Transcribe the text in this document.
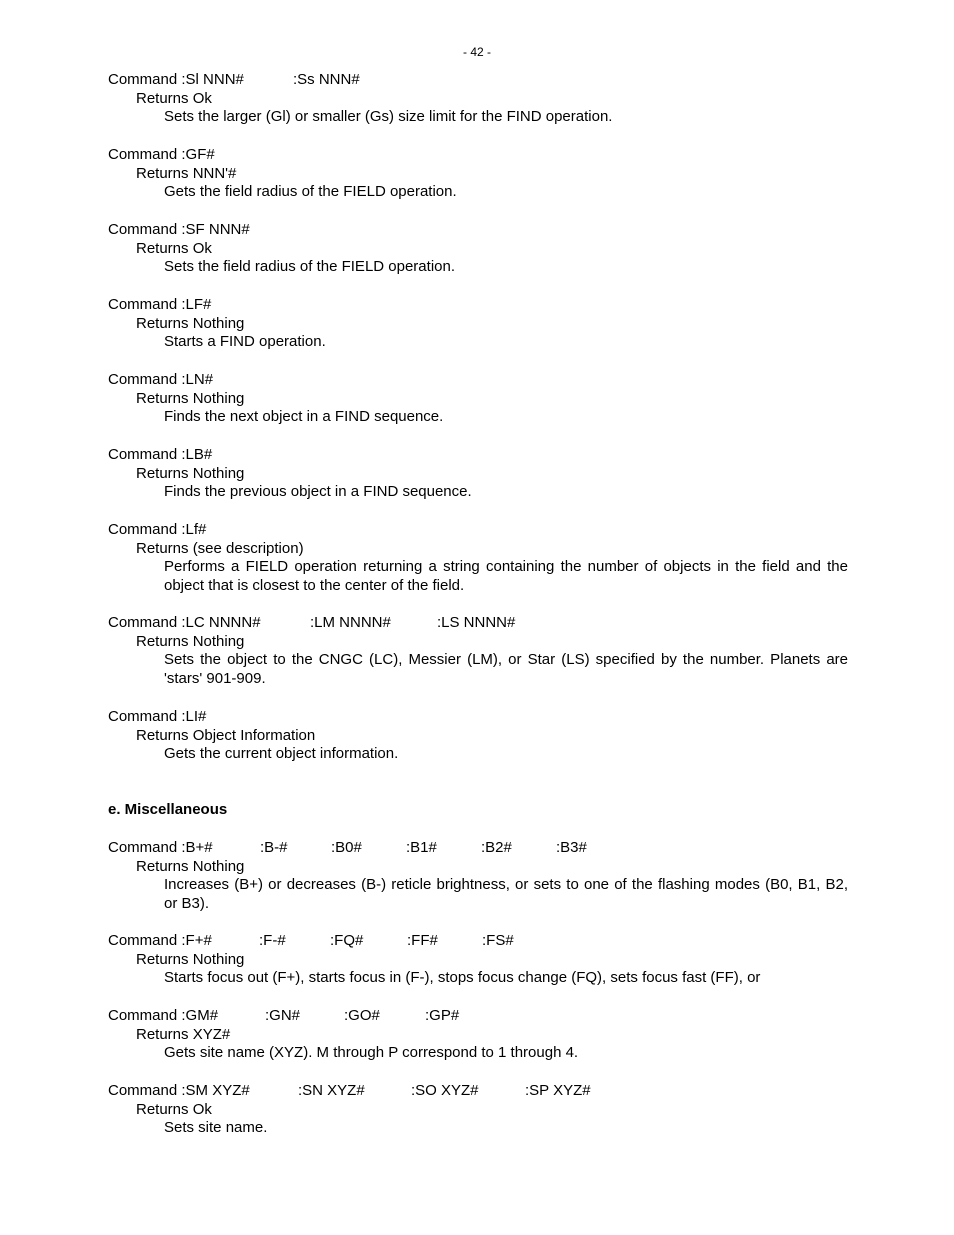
- 42 -
Command :Sl NNN#	:Ss NNN#
Returns Ok
Sets the larger (Gl) or smaller (Gs) size limit for the FIND operation.
Command :GF#
Returns NNN'#
Gets the field radius of the FIELD operation.
Command :SF NNN#
Returns Ok
Sets the field radius of the FIELD operation.
Command :LF#
Returns Nothing
Starts a FIND operation.
Command :LN#
Returns Nothing
Finds the next object in a FIND sequence.
Command :LB#
Returns Nothing
Finds the previous object in a FIND sequence.
Command :Lf#
Returns (see description)
Performs a FIELD operation returning a string containing the number of objects in the field and the object that is closest to the center of the field.
Command :LC NNNN#	:LM NNNN#	:LS NNNN#
Returns Nothing
Sets the object to the CNGC (LC), Messier (LM), or Star (LS) specified by the number. Planets are 'stars' 901-909.
Command :LI#
Returns Object Information
Gets the current object information.
e. Miscellaneous
Command :B+#	:B-#	:B0#	:B1#	:B2#	:B3#
Returns Nothing
Increases (B+) or decreases (B-) reticle brightness, or sets to one of the flashing modes (B0, B1, B2, or B3).
Command :F+#	:F-#	:FQ#	:FF#	:FS#
Returns Nothing
Starts focus out (F+), starts focus in (F-), stops focus change (FQ), sets focus fast (FF), or
Command :GM#	:GN#	:GO#	:GP#
Returns XYZ#
Gets site name (XYZ). M through P correspond to 1 through 4.
Command :SM XYZ#	:SN XYZ#	:SO XYZ#	:SP XYZ#
Returns Ok
Sets site name.
